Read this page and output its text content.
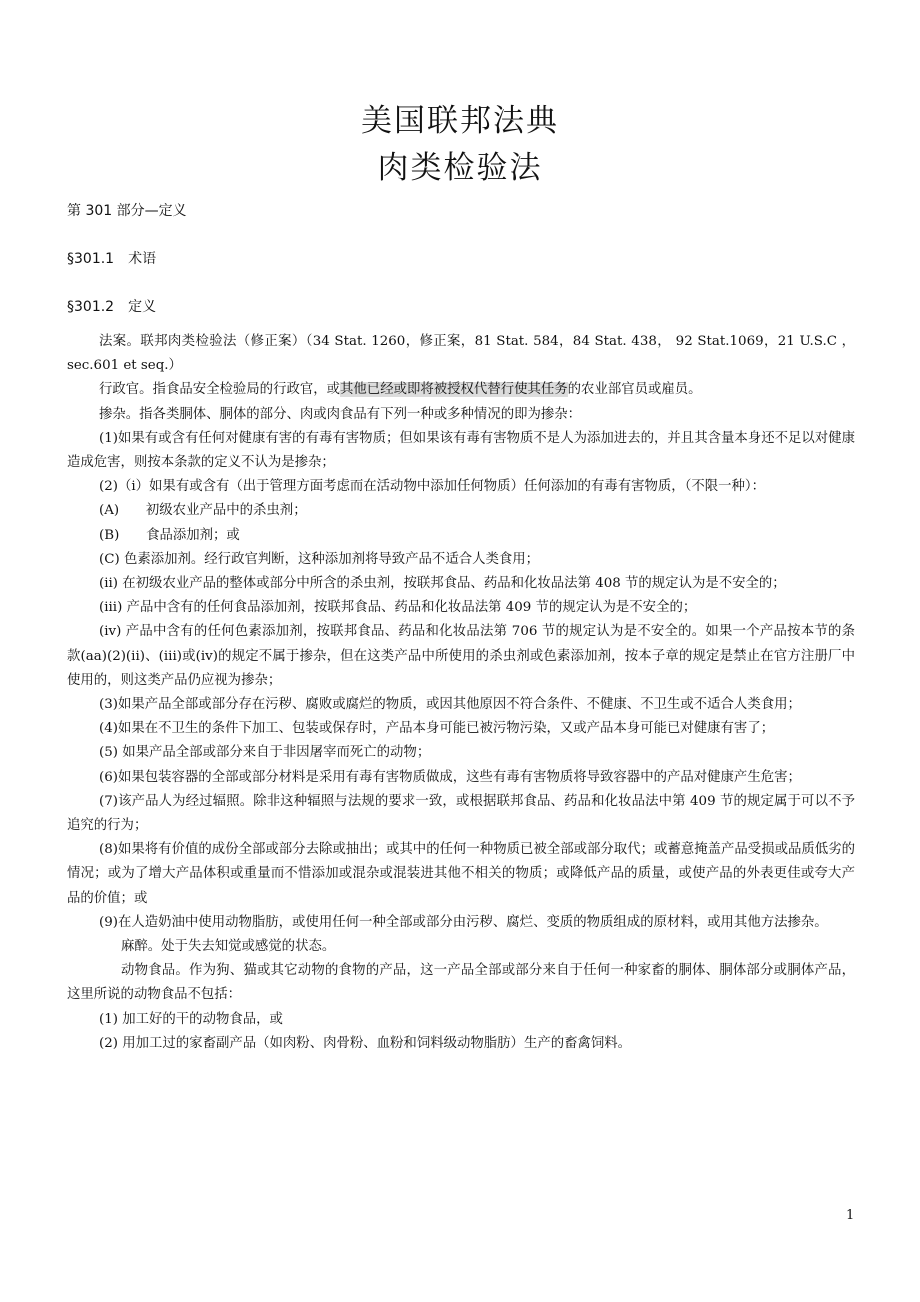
美国联邦法典
肉类检验法
第 301 部分—定义
§301.1　术语
§301.2　定义

法案。联邦肉类检验法（修正案）（34 Stat. 1260，修正案，81 Stat. 584，84 Stat. 438， 92 Stat.1069，21 U.S.C ，sec.601 et seq.）

行政官。指食品安全检验局的行政官，或其他已经或即将被授权代替行使其任务的农业部官员或雇员。

掺杂。指各类胴体、胴体的部分、肉或肉食品有下列一种或多种情况的即为掺杂：

(1)如果有或含有任何对健康有害的有毒有害物质；但如果该有毒有害物质不是人为添加进去的，并且其含量本身还不足以对健康造成危害，则按本条款的定义不认为是掺杂；

(2)（i）如果有或含有（出于管理方面考虑而在活动物中添加任何物质）任何添加的有毒有害物质，（不限一种）：

(A)　　初级农业产品中的杀虫剂；

(B)　　食品添加剂；或

(C) 色素添加剂。经行政官判断，这种添加剂将导致产品不适合人类食用；

(ii) 在初级农业产品的整体或部分中所含的杀虫剂，按联邦食品、药品和化妆品法第 408 节的规定认为是不安全的；

(iii) 产品中含有的任何食品添加剂，按联邦食品、药品和化妆品法第 409 节的规定认为是不安全的；

(iv) 产品中含有的任何色素添加剂，按联邦食品、药品和化妆品法第 706 节的规定认为是不安全的。如果一个产品按本节的条款(aa)(2)(ii)、(iii)或(iv)的规定不属于掺杂，但在这类产品中所使用的杀虫剂或色素添加剂，按本子章的规定是禁止在官方注册厂中使用的，则这类产品仍应视为掺杂；

(3)如果产品全部或部分存在污秽、腐败或腐烂的物质，或因其他原因不符合条件、不健康、不卫生或不适合人类食用；

(4)如果在不卫生的条件下加工、包装或保存时，产品本身可能已被污物污染，又或产品本身可能已对健康有害了；

(5) 如果产品全部或部分来自于非因屠宰而死亡的动物；

(6)如果包装容器的全部或部分材料是采用有毒有害物质做成，这些有毒有害物质将导致容器中的产品对健康产生危害；

(7)该产品人为经过辐照。除非这种辐照与法规的要求一致，或根据联邦食品、药品和化妆品法中第 409 节的规定属于可以不予追究的行为；

(8)如果将有价值的成份全部或部分去除或抽出；或其中的任何一种物质已被全部或部分取代；或蓄意掩盖产品受损或品质低劣的情况；或为了增大产品体积或重量而不惜添加或混杂或混装进其他不相关的物质；或降低产品的质量，或使产品的外表更佳或夸大产品的价值；或

(9)在人造奶油中使用动物脂肪，或使用任何一种全部或部分由污秽、腐烂、变质的物质组成的原材料，或用其他方法掺杂。

麻醉。处于失去知觉或感觉的状态。

动物食品。作为狗、猫或其它动物的食物的产品，这一产品全部或部分来自于任何一种家畜的胴体、胴体部分或胴体产品，这里所说的动物食品不包括：

(1) 加工好的干的动物食品，或

(2) 用加工过的家畜副产品（如肉粉、肉骨粉、血粉和饲料级动物脂肪）生产的畜禽饲料。

1
